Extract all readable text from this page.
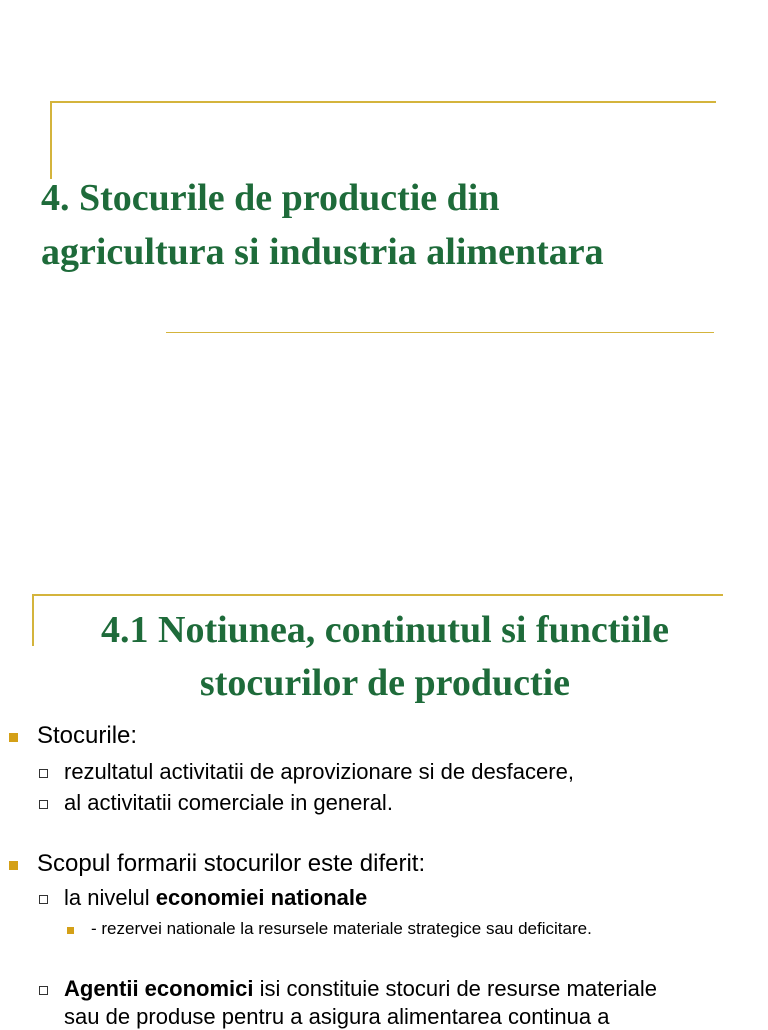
4. Stocurile de productie din
agricultura si industria alimentara
4.1 Notiunea, continutul si functiile
stocurilor de productie
Stocurile:
rezultatul activitatii de aprovizionare si de desfacere,
al activitatii comerciale in general.
Scopul formarii stocurilor este diferit:
la nivelul economiei nationale
- rezervei nationale la resursele materiale strategice sau deficitare.
Agentii economici isi constituie stocuri de resurse materiale
sau de produse pentru a asigura alimentarea continua a
